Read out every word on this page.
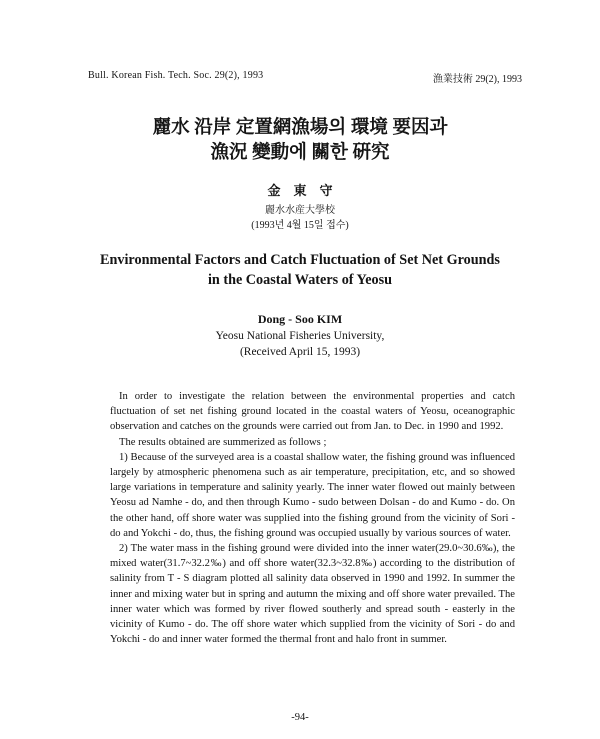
Bull. Korean Fish. Tech. Soc. 29(2), 1993	漁業技術 29(2), 1993
麗水 沿岸 定置網漁場의 環境 要因과
漁況 變動에 關한 硏究
金　東　守
麗水水産大學校
(1993년 4월 15일 접수)
Environmental Factors and Catch Fluctuation of Set Net Grounds
in the Coastal Waters of Yeosu
Dong - Soo KIM
Yeosu National Fisheries University,
(Received April 15, 1993)

In order to investigate the relation between the environmental properties and catch fluctuation of set net fishing ground located in the coastal waters of Yeosu, oceanographic observation and catches on the grounds were carried out from Jan. to Dec. in 1990 and 1992.

The results obtained are summerized as follows ;

1) Because of the surveyed area is a coastal shallow water, the fishing ground was influenced largely by atmospheric phenomena such as air temperature, precipitation, etc, and so showed large variations in temperature and salinity yearly. The inner water flowed out mainly between Yeosu ad Namhe - do, and then through Kumo - sudo between Dolsan - do and Kumo - do. On the other hand, off shore water was supplied into the fishing ground from the vicinity of Sori - do and Yokchi - do, thus, the fishing ground was occupied usually by various sources of water.

2) The water mass in the fishing ground were divided into the inner water(29.0~30.6‰), the mixed water(31.7~32.2‰) and off shore water(32.3~32.8‰) according to the distribution of salinity from T - S diagram plotted all salinity data observed in 1990 and 1992. In summer the inner and mixing water but in spring and autumn the mixing and off shore water prevailed. The inner water which was formed by river flowed southerly and spread south - easterly in the vicinity of Kumo - do. The off shore water which supplied from the vicinity of Sori - do and Yokchi - do and inner water formed the thermal front and halo front in summer.

-94-
